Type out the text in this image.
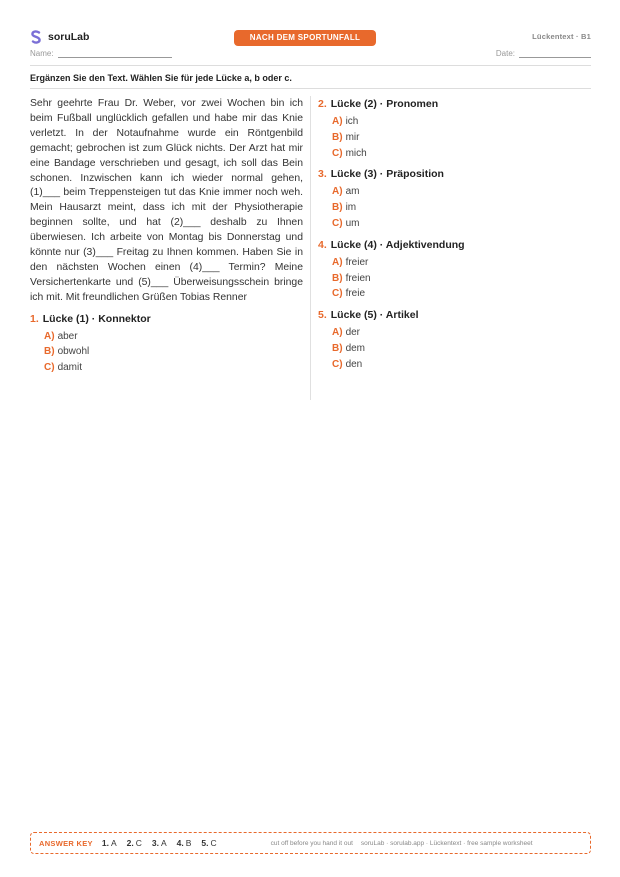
soruLab	NACH DEM SPORTUNFALL	Lückentext · B1
Name:	Date:
Ergänzen Sie den Text. Wählen Sie für jede Lücke a, b oder c.

Sehr geehrte Frau Dr. Weber, vor zwei Wochen bin ich beim Fußball unglücklich gefallen und habe mir das Knie verletzt. In der Notaufnahme wurde ein Röntgenbild gemacht; gebrochen ist zum Glück nichts. Der Arzt hat mir eine Bandage verschrieben und gesagt, ich soll das Bein schonen. Inzwischen kann ich wieder normal gehen, (1)___ beim Treppensteigen tut das Knie immer noch weh. Mein Hausarzt meint, dass ich mit der Physiotherapie beginnen sollte, und hat (2)___ deshalb zu Ihnen überwiesen. Ich arbeite von Montag bis Donnerstag und könnte nur (3)___ Freitag zu Ihnen kommen. Haben Sie in den nächsten Wochen einen (4)___ Termin? Meine Versichertenkarte und (5)___ Überweisungsschein bringe ich mit. Mit freundlichen Grüßen Tobias Renner

1. Lücke (1) · Konnektor
A) aber
B) obwohl
C) damit
2. Lücke (2) · Pronomen
A) ich
B) mir
C) mich
3. Lücke (3) · Präposition
A) am
B) im
C) um
4. Lücke (4) · Adjektivendung
A) freier
B) freien
C) freie
5. Lücke (5) · Artikel
A) der
B) dem
C) den
ANSWER KEY 1. A 2. C 3. A 4. B 5. C	cut off before you hand it out soruLab · sorulab.app · Lückentext · free sample worksheet
